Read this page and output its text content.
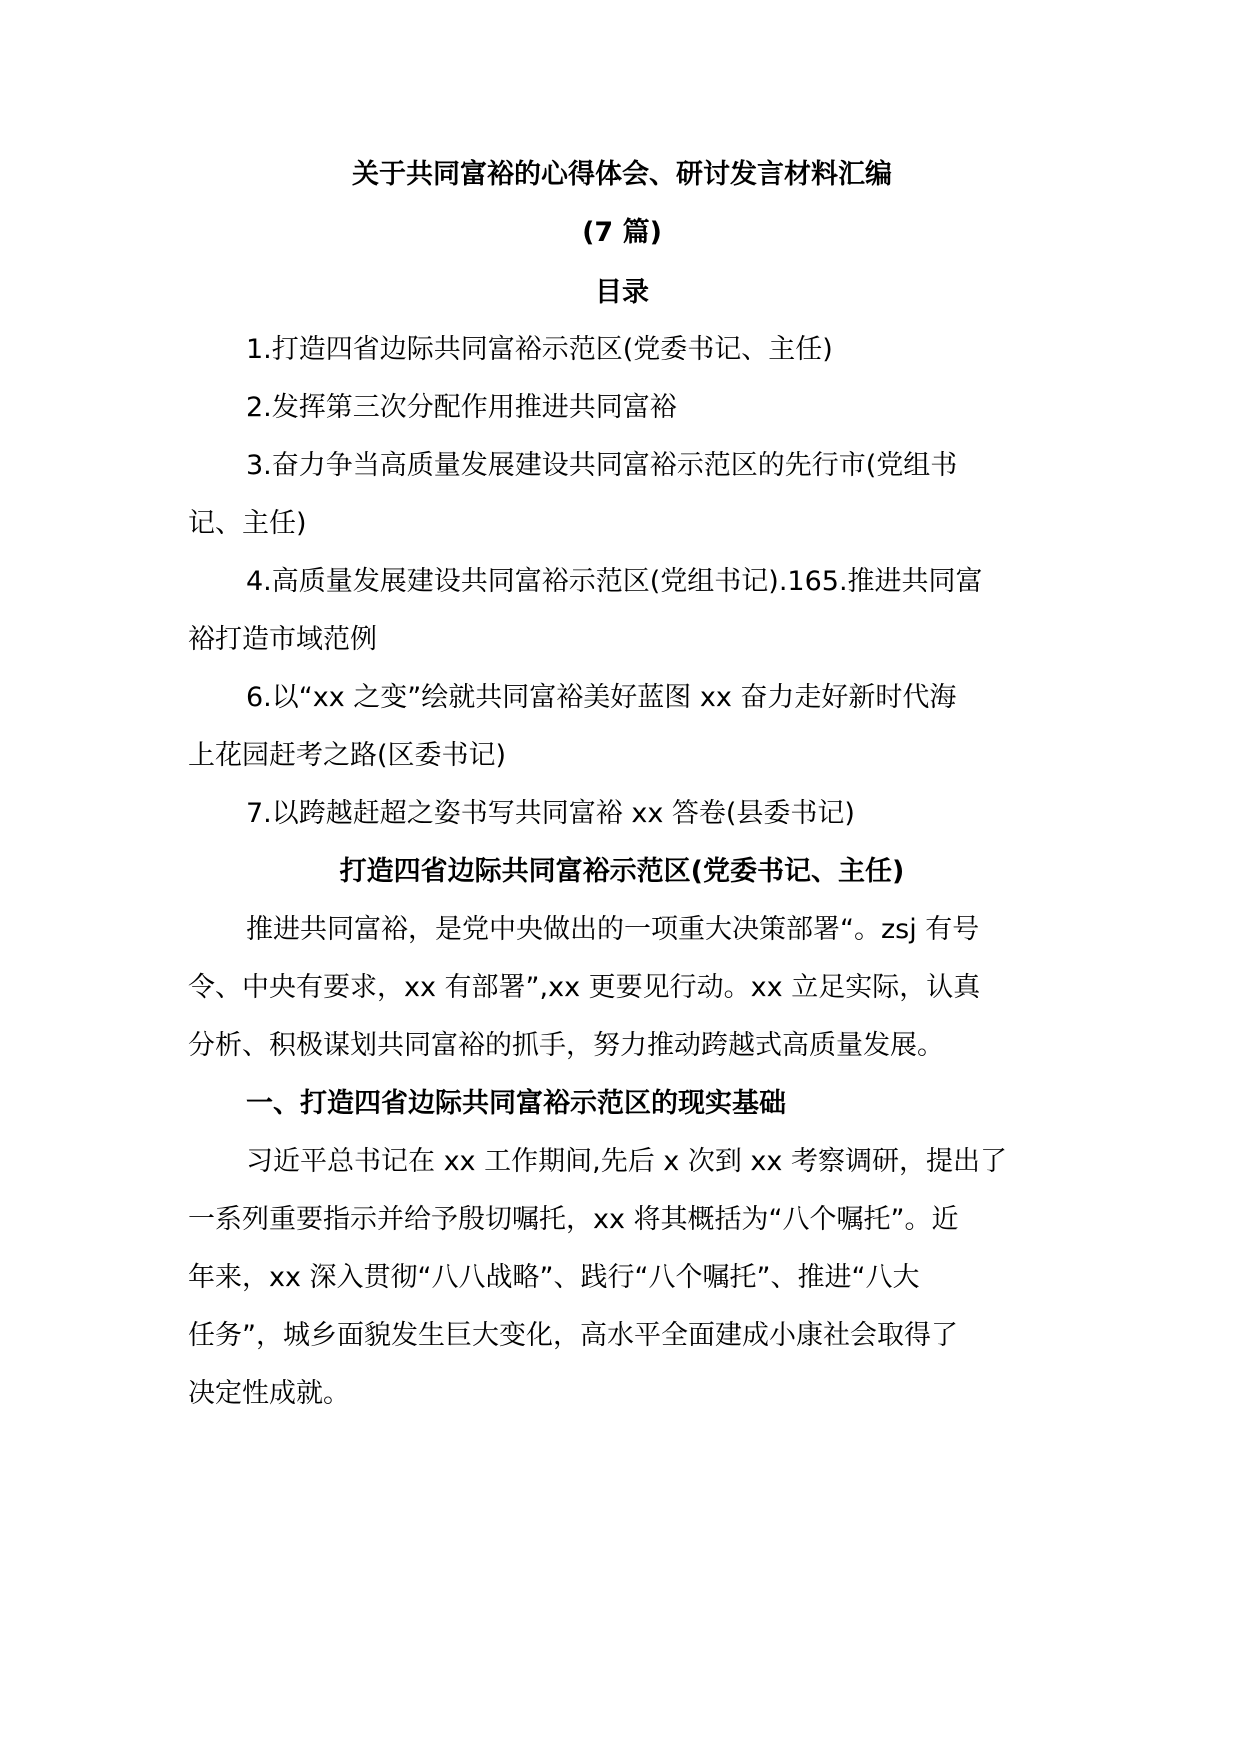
关于共同富裕的心得体会、研讨发言材料汇编
(7 篇)
目录
1.打造四省边际共同富裕示范区(党委书记、主任)
2.发挥第三次分配作用推进共同富裕
3.奋力争当高质量发展建设共同富裕示范区的先行市(党组书
记、主任)
4.高质量发展建设共同富裕示范区(党组书记).165.推进共同富
裕打造市域范例
6.以“xx 之变”绘就共同富裕美好蓝图 xx 奋力走好新时代海
上花园赶考之路(区委书记)
7.以跨越赶超之姿书写共同富裕 xx 答卷(县委书记)
打造四省边际共同富裕示范区(党委书记、主任)
推进共同富裕，是党中央做出的一项重大决策部署“。zsj 有号
令、中央有要求，xx 有部署”,xx 更要见行动。xx 立足实际，认真
分析、积极谋划共同富裕的抓手，努力推动跨越式高质量发展。
一、打造四省边际共同富裕示范区的现实基础
习近平总书记在 xx 工作期间,先后 x 次到 xx 考察调研，提出了
一系列重要指示并给予殷切嘱托，xx 将其概括为“八个嘱托”。近
年来，xx 深入贯彻“八八战略”、践行“八个嘱托”、推进“八大
任务”，城乡面貌发生巨大变化，高水平全面建成小康社会取得了
决定性成就。
